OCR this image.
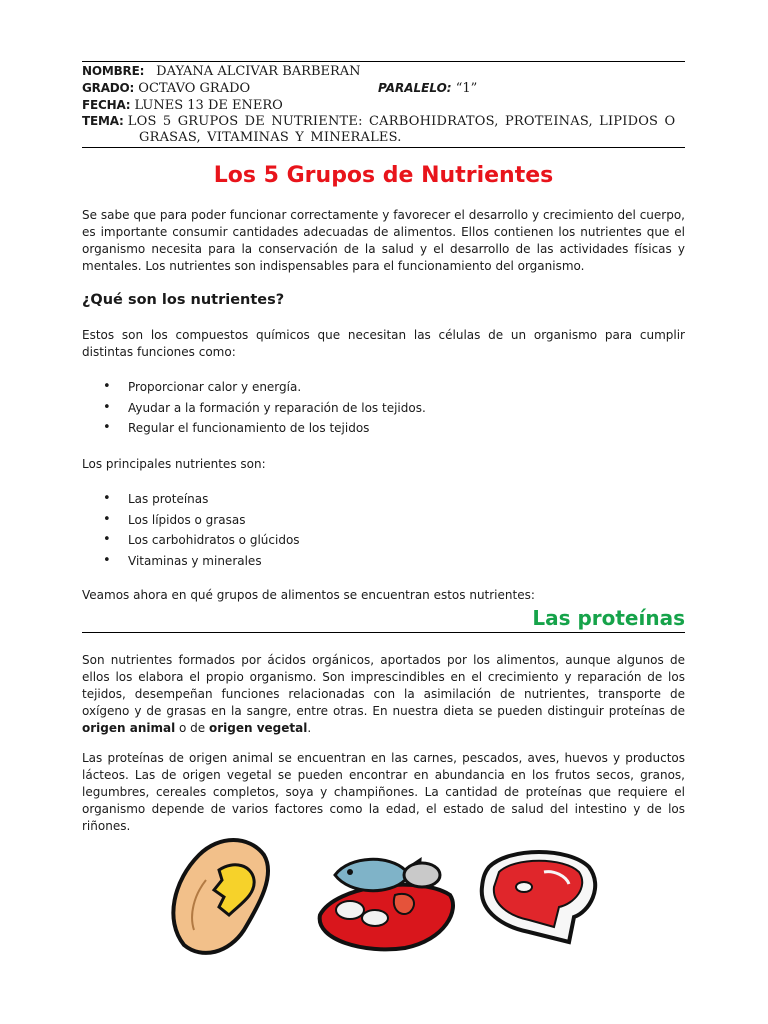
NOMBRE: DAYANA ALCIVAR BARBERAN
GRADO: OCTAVO GRADO	PARALELO: “1”
FECHA: LUNES 13 DE ENERO
TEMA: LOS 5 GRUPOS DE NUTRIENTE: CARBOHIDRATOS, PROTEINAS, LIPIDOS O
GRASAS, VITAMINAS Y MINERALES.
Los 5 Grupos de Nutrientes
Se sabe que para poder funcionar correctamente y favorecer el desarrollo y crecimiento del cuerpo, es importante consumir cantidades adecuadas de alimentos. Ellos contienen los nutrientes que el organismo necesita para la conservación de la salud y el desarrollo de las actividades físicas y mentales. Los nutrientes son indispensables para el funcionamiento del organismo.
¿Qué son los nutrientes?
Estos son los compuestos químicos que necesitan las células de un organismo para cumplir distintas funciones como:
• Proporcionar calor y energía.
• Ayudar a la formación y reparación de los tejidos.
• Regular el funcionamiento de los tejidos
Los principales nutrientes son:
• Las proteínas
• Los lípidos o grasas
• Los carbohidratos o glúcidos
• Vitaminas y minerales
Veamos ahora en qué grupos de alimentos se encuentran estos nutrientes:
Las proteínas
Son nutrientes formados por ácidos orgánicos, aportados por los alimentos, aunque algunos de ellos los elabora el propio organismo. Son imprescindibles en el crecimiento y reparación de los tejidos, desempeñan funciones relacionadas con la asimilación de nutrientes, transporte de oxígeno y de grasas en la sangre, entre otras. En nuestra dieta se pueden distinguir proteínas de origen animal o de origen vegetal.
Las proteínas de origen animal se encuentran en las carnes, pescados, aves, huevos y productos lácteos. Las de origen vegetal se pueden encontrar en abundancia en los frutos secos, granos, legumbres, cereales completos, soya y champiñones. La cantidad de proteínas que requiere el organismo depende de varios factores como la edad, el estado de salud del intestino y de los riñones.
